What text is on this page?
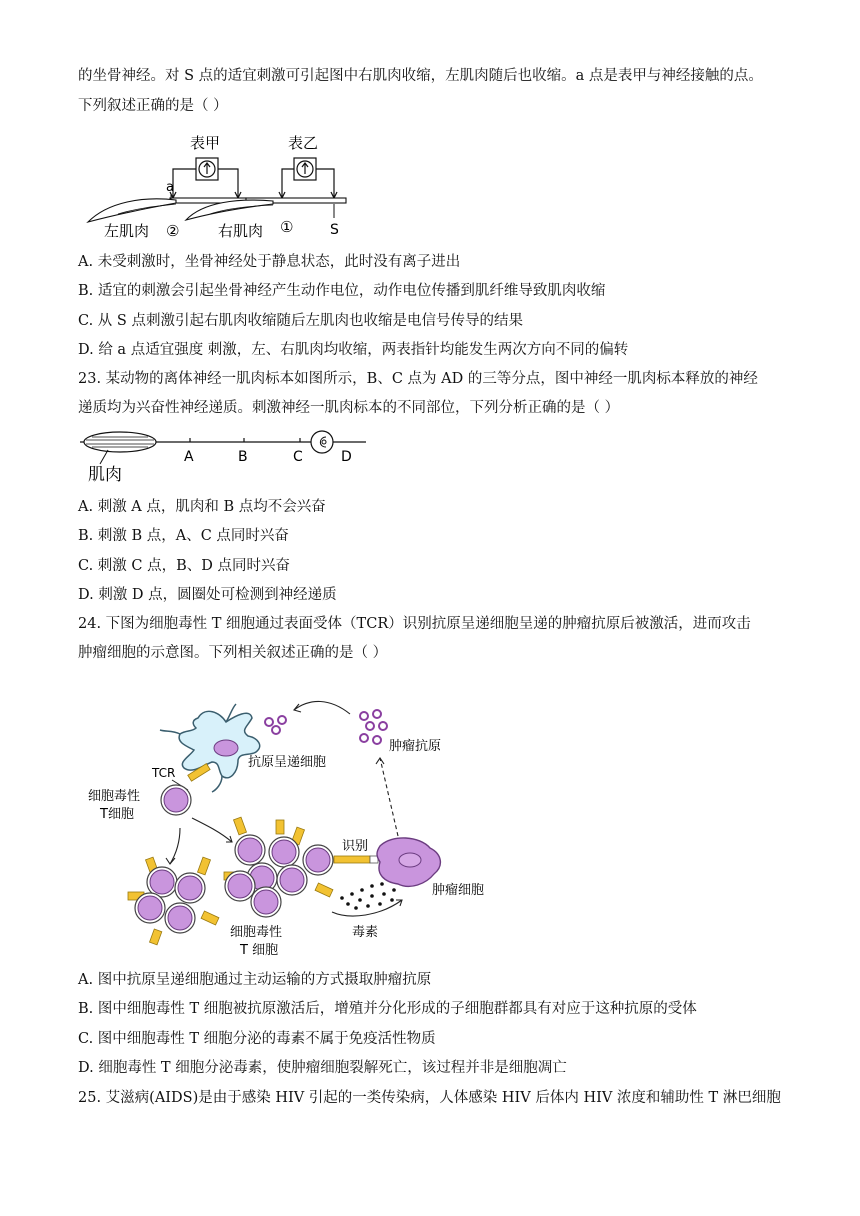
的坐骨神经。对 S 点的适宜刺激可引起图中右肌肉收缩，左肌肉随后也收缩。a 点是表甲与神经接触的点。
下列叙述正确的是（ ）
表甲	表乙
a
左肌肉 ②	右肌肉 ①	S
A. 未受刺激时，坐骨神经处于静息状态，此时没有离子进出
B. 适宜的刺激会引起坐骨神经产生动作电位，动作电位传播到肌纤维导致肌肉收缩
C. 从 S 点刺激引起右肌肉收缩随后左肌肉也收缩是电信号传导的结果
D. 给 a 点适宜强度 刺激，左、右肌肉均收缩，两表指针均能发生两次方向不同的偏转
23. 某动物的离体神经一肌肉标本如图所示，B、C 点为 AD 的三等分点，图中神经一肌肉标本释放的神经
递质均为兴奋性神经递质。刺激神经一肌肉标本的不同部位，下列分析正确的是（ ）
肌肉
A	B	C	D
A. 刺激 A 点，肌肉和 B 点均不会兴奋
B. 刺激 B 点，A、C 点同时兴奋
C. 刺激 C 点，B、D 点同时兴奋
D. 刺激 D 点，圆圈处可检测到神经递质
24. 下图为细胞毒性 T 细胞通过表面受体（TCR）识别抗原呈递细胞呈递的肿瘤抗原后被激活，进而攻击
肿瘤细胞的示意图。下列相关叙述正确的是（ ）
抗原呈递细胞
肿瘤抗原
TCR
细胞毒性
T细胞
细胞毒性
T 细胞
识别
肿瘤细胞
毒素
A. 图中抗原呈递细胞通过主动运输的方式摄取肿瘤抗原
B. 图中细胞毒性 T 细胞被抗原激活后，增殖并分化形成的子细胞群都具有对应于这种抗原的受体
C. 图中细胞毒性 T 细胞分泌的毒素不属于免疫活性物质
D. 细胞毒性 T 细胞分泌毒素，使肿瘤细胞裂解死亡，该过程并非是细胞凋亡
25. 艾滋病(AIDS)是由于感染 HIV 引起的一类传染病，人体感染 HIV 后体内 HIV 浓度和辅助性 T 淋巴细胞
